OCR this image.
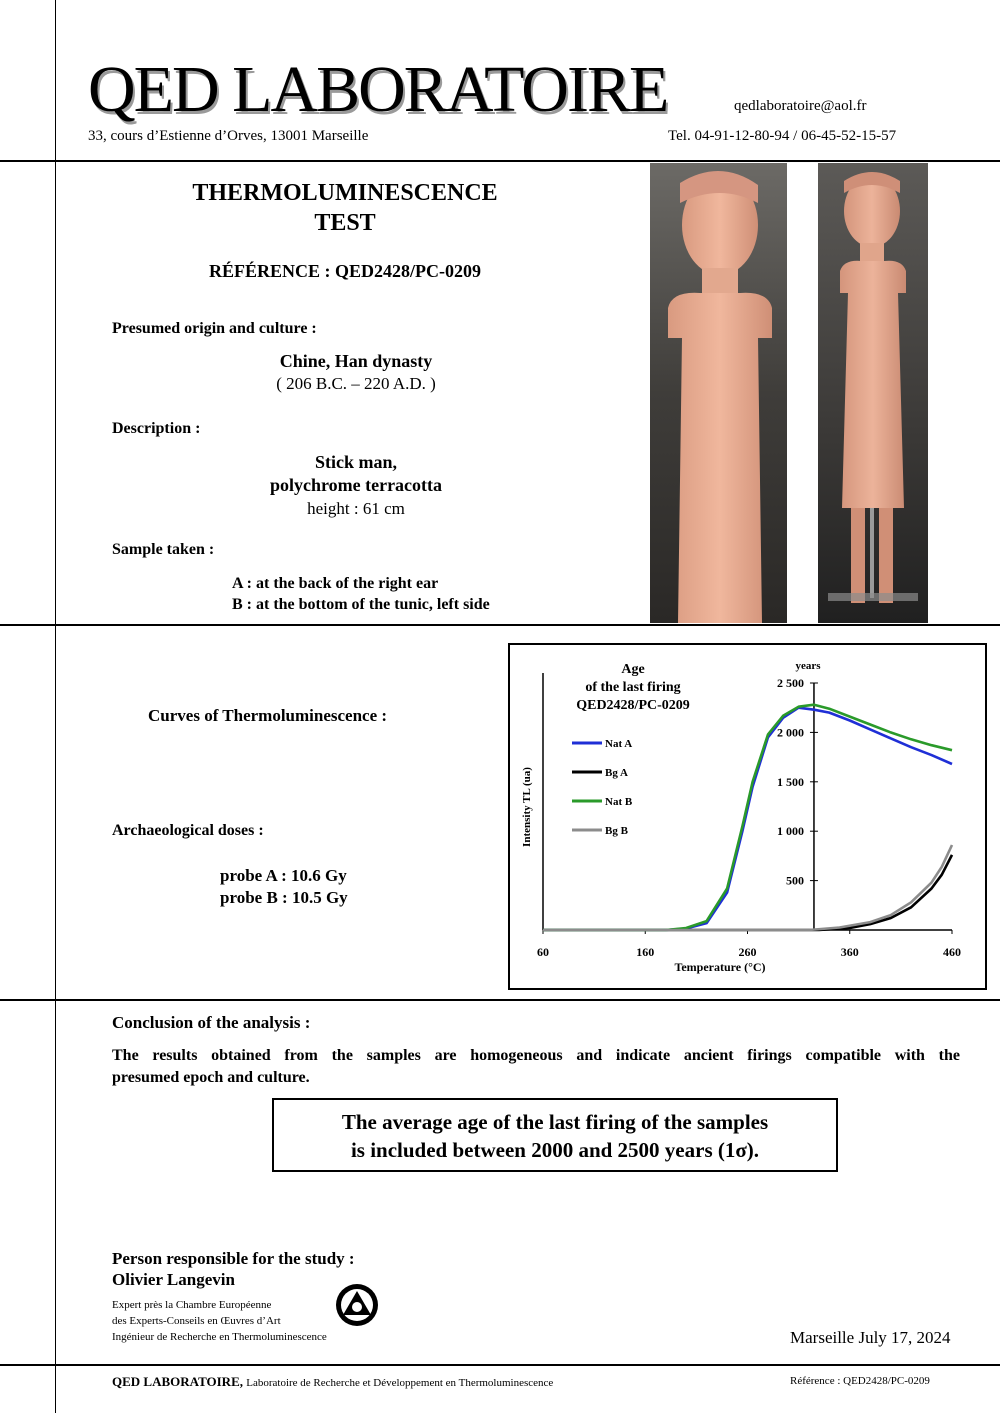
QED LABORATOIRE	qedlaboratoire@aol.fr
33, cours d’Estienne d’Orves, 13001 Marseille	Tel. 04-91-12-80-94 / 06-45-52-15-57
THERMOLUMINESCENCE
TEST
RÉFÉRENCE : QED2428/PC-0209
Presumed origin and culture :
Chine, Han dynasty
( 206 B.C. – 220 A.D. )
Description :
Stick man,
polychrome terracotta
height : 61 cm
Sample taken :
A : at the back of the right ear
B : at the bottom of the tunic, left side
Curves of Thermoluminescence :
Archaeological doses :
probe A : 10.6 Gy
probe B : 10.5 Gy
60	160	260	360	460
500
1 000
1 500
2 000
2 500
years
Temperature (°C)
Intensity TL (ua)
Age
of the last firing
QED2428/PC-0209
Nat A
Bg A
Nat B
Bg B
Conclusion of the analysis :
The results obtained from the samples are homogeneous and indicate ancient firings compatible with the
presumed epoch and culture.
The average age of the last firing of the samples
is included between 2000 and 2500 years (1σ).
Person responsible for the study :
Olivier Langevin
Expert près la Chambre Européenne
des Experts-Conseils en Œuvres d’Art
Ingénieur de Recherche en Thermoluminescence	Marseille July 17, 2024
QED LABORATOIRE, Laboratoire de Recherche et Développement en Thermoluminescence	Référence : QED2428/PC-0209
